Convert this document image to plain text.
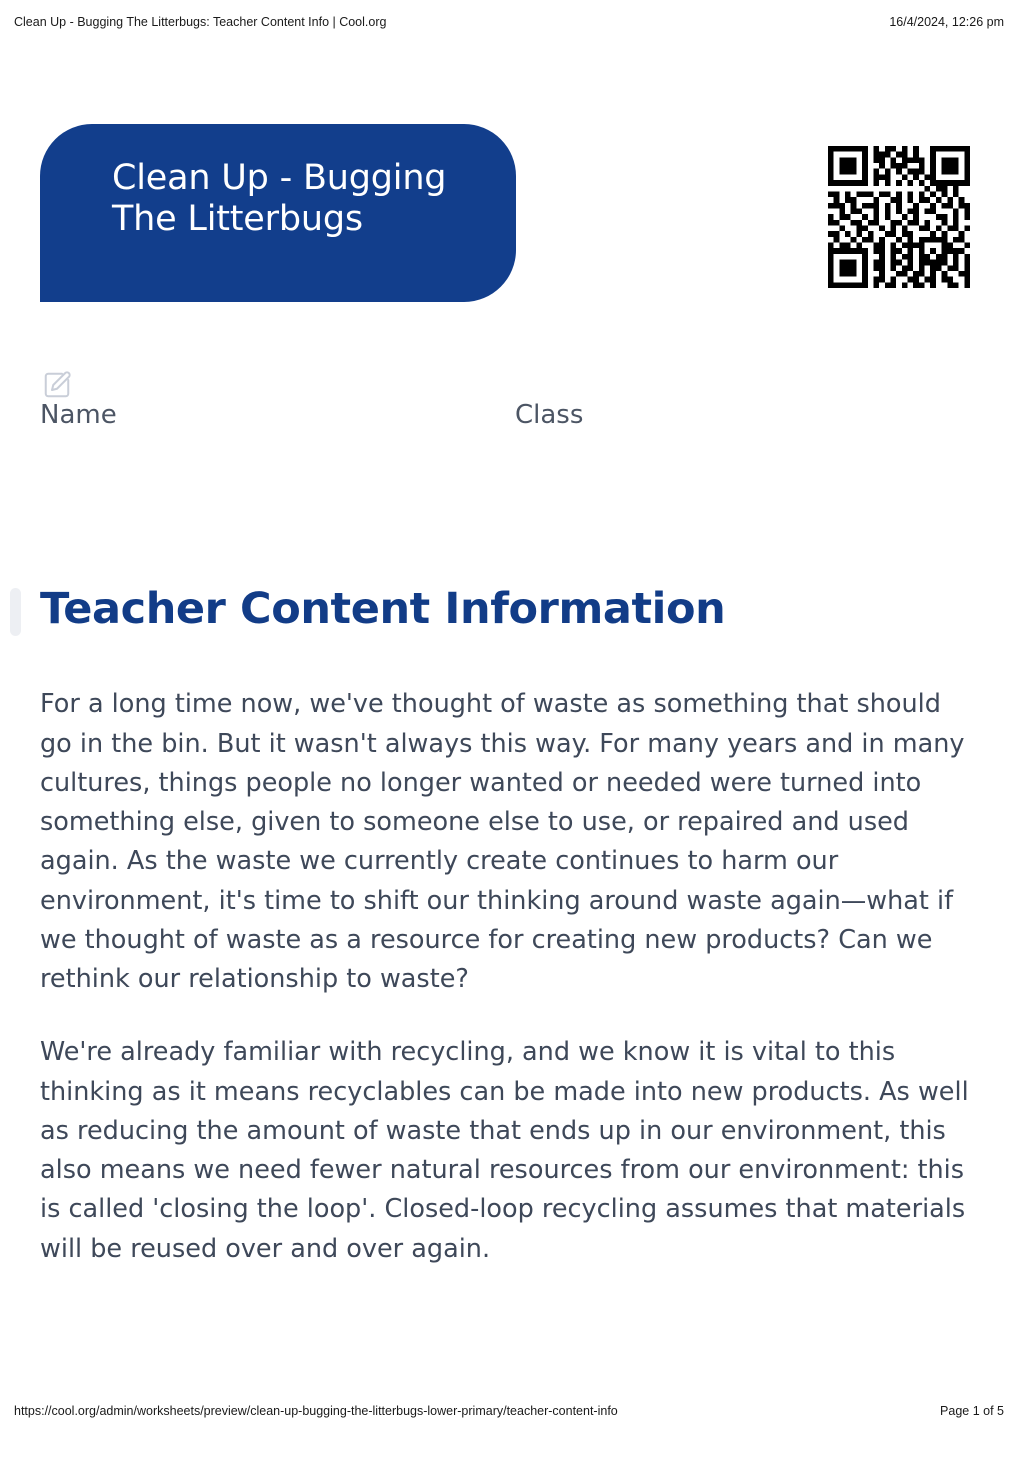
Clean Up - Bugging The Litterbugs: Teacher Content Info | Cool.org	16/4/2024, 12:26 pm
Clean Up - Bugging The Litterbugs
Name	Class
Teacher Content Information

For a long time now, we've thought of waste as something that should go in the bin. But it wasn't always this way. For many years and in many cultures, things people no longer wanted or needed were turned into something else, given to someone else to use, or repaired and used again. As the waste we currently create continues to harm our environment, it's time to shift our thinking around waste again—what if we thought of waste as a resource for creating new products? Can we rethink our relationship to waste?

We're already familiar with recycling, and we know it is vital to this thinking as it means recyclables can be made into new products. As well as reducing the amount of waste that ends up in our environment, this also means we need fewer natural resources from our environment: this is called 'closing the loop'. Closed-loop recycling assumes that materials will be reused over and over again.

https://cool.org/admin/worksheets/preview/clean-up-bugging-the-litterbugs-lower-primary/teacher-content-info	Page 1 of 5
